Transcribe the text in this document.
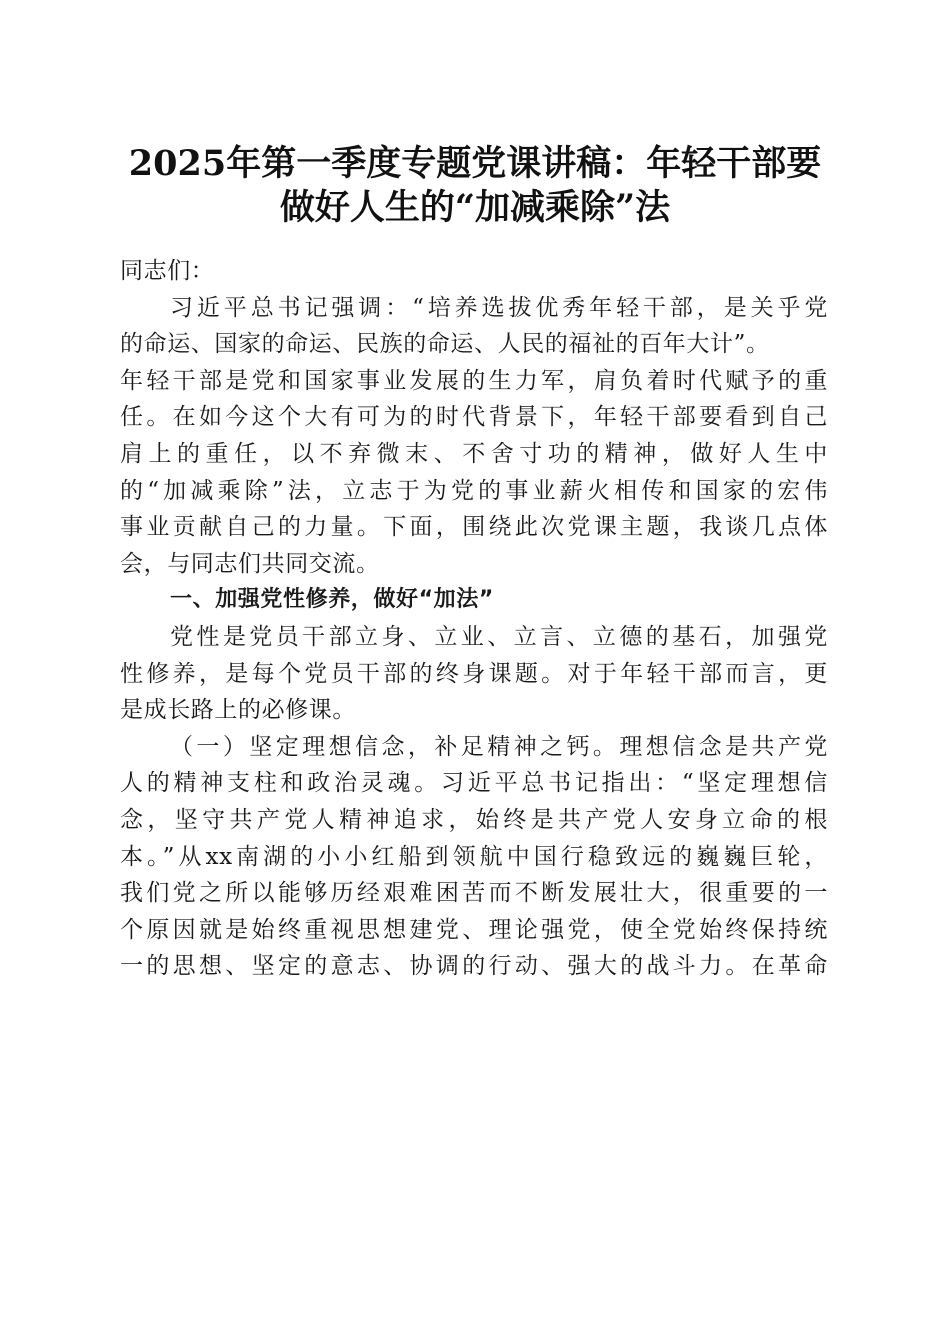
2025年第一季度专题党课讲稿：年轻干部要
做好人生的“加减乘除”法
同志们：
习近平总书记强调：“培养选拔优秀年轻干部，是关乎党
的命运、国家的命运、民族的命运、人民的福祉的百年大计”。
年轻干部是党和国家事业发展的生力军，肩负着时代赋予的重
任。在如今这个大有可为的时代背景下，年轻干部要看到自己
肩上的重任，以不弃微末、不舍寸功的精神，做好人生中
的“加减乘除”法，立志于为党的事业薪火相传和国家的宏伟
事业贡献自己的力量。下面，围绕此次党课主题，我谈几点体
会，与同志们共同交流。
一、加强党性修养，做好“加法”
党性是党员干部立身、立业、立言、立德的基石，加强党
性修养，是每个党员干部的终身课题。对于年轻干部而言，更
是成长路上的必修课。
（一）坚定理想信念，补足精神之钙。理想信念是共产党
人的精神支柱和政治灵魂。习近平总书记指出：“坚定理想信
念，坚守共产党人精神追求，始终是共产党人安身立命的根
本。”从xx南湖的小小红船到领航中国行稳致远的巍巍巨轮，
我们党之所以能够历经艰难困苦而不断发展壮大，很重要的一
个原因就是始终重视思想建党、理论强党，使全党始终保持统
一的思想、坚定的意志、协调的行动、强大的战斗力。在革命
